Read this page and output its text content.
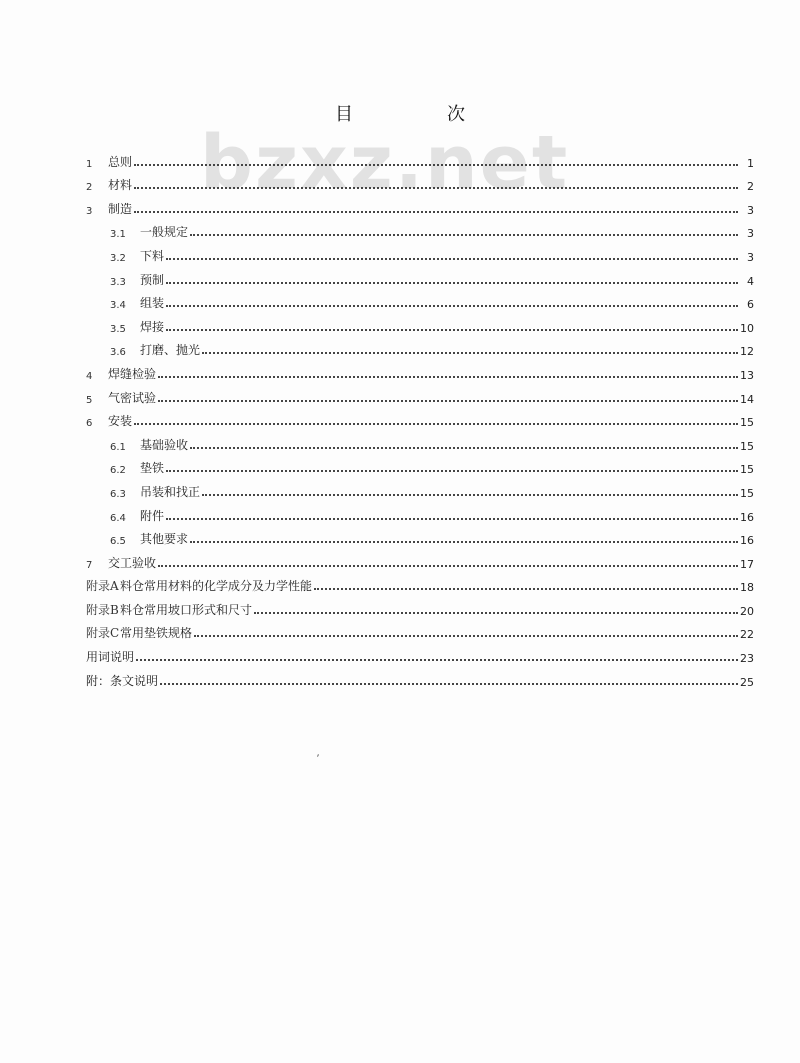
bzxz.net
目　次
1	总则	1
2	材料	2
3	制造	3
3.1	一般规定	3
3.2	下料	3
3.3	预制	4
3.4	组装	6
3.5	焊接	10
3.6	打磨、抛光	12
4	焊缝检验	13
5	气密试验	14
6	安装	15
6.1	基础验收	15
6.2	垫铁	15
6.3	吊装和找正	15
6.4	附件	16
6.5	其他要求	16
7	交工验收	17
附录A 料仓常用材料的化学成分及力学性能	18
附录B 料仓常用坡口形式和尺寸	20
附录C 常用垫铁规格	22
用词说明	23
附：条文说明	25
′
